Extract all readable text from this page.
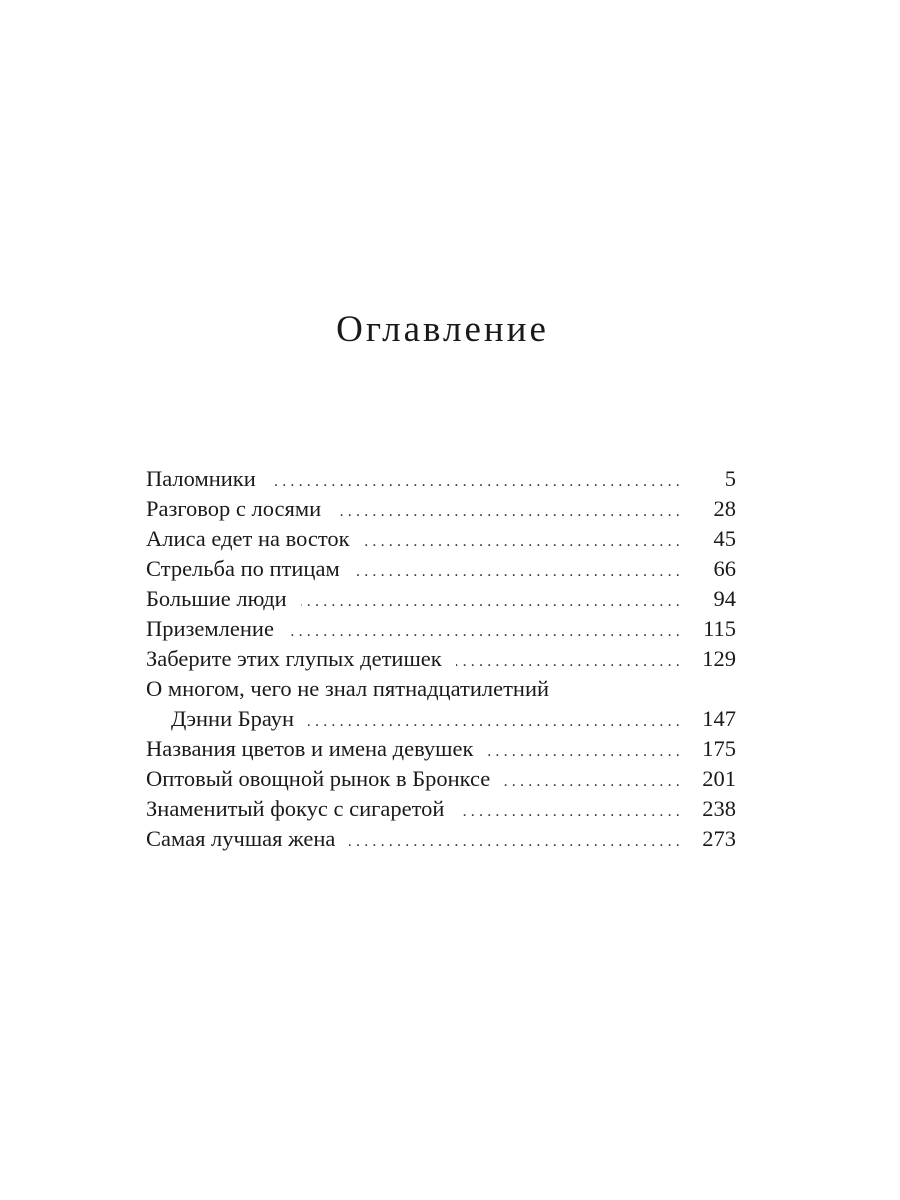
Оглавление
Паломники .....	5
Разговор с лосями .....	28
Алиса едет на восток .....	45
Стрельба по птицам .....	66
Большие люди .....	94
Приземление .....	115
Заберите этих глупых детишек .....	129
О многом, чего не знал пятнадцатилетний
Дэнни Браун .....	147
Названия цветов и имена девушек .....	175
Оптовый овощной рынок в Бронксе .....	201
Знаменитый фокус с сигаретой .....	238
Самая лучшая жена .....	273
